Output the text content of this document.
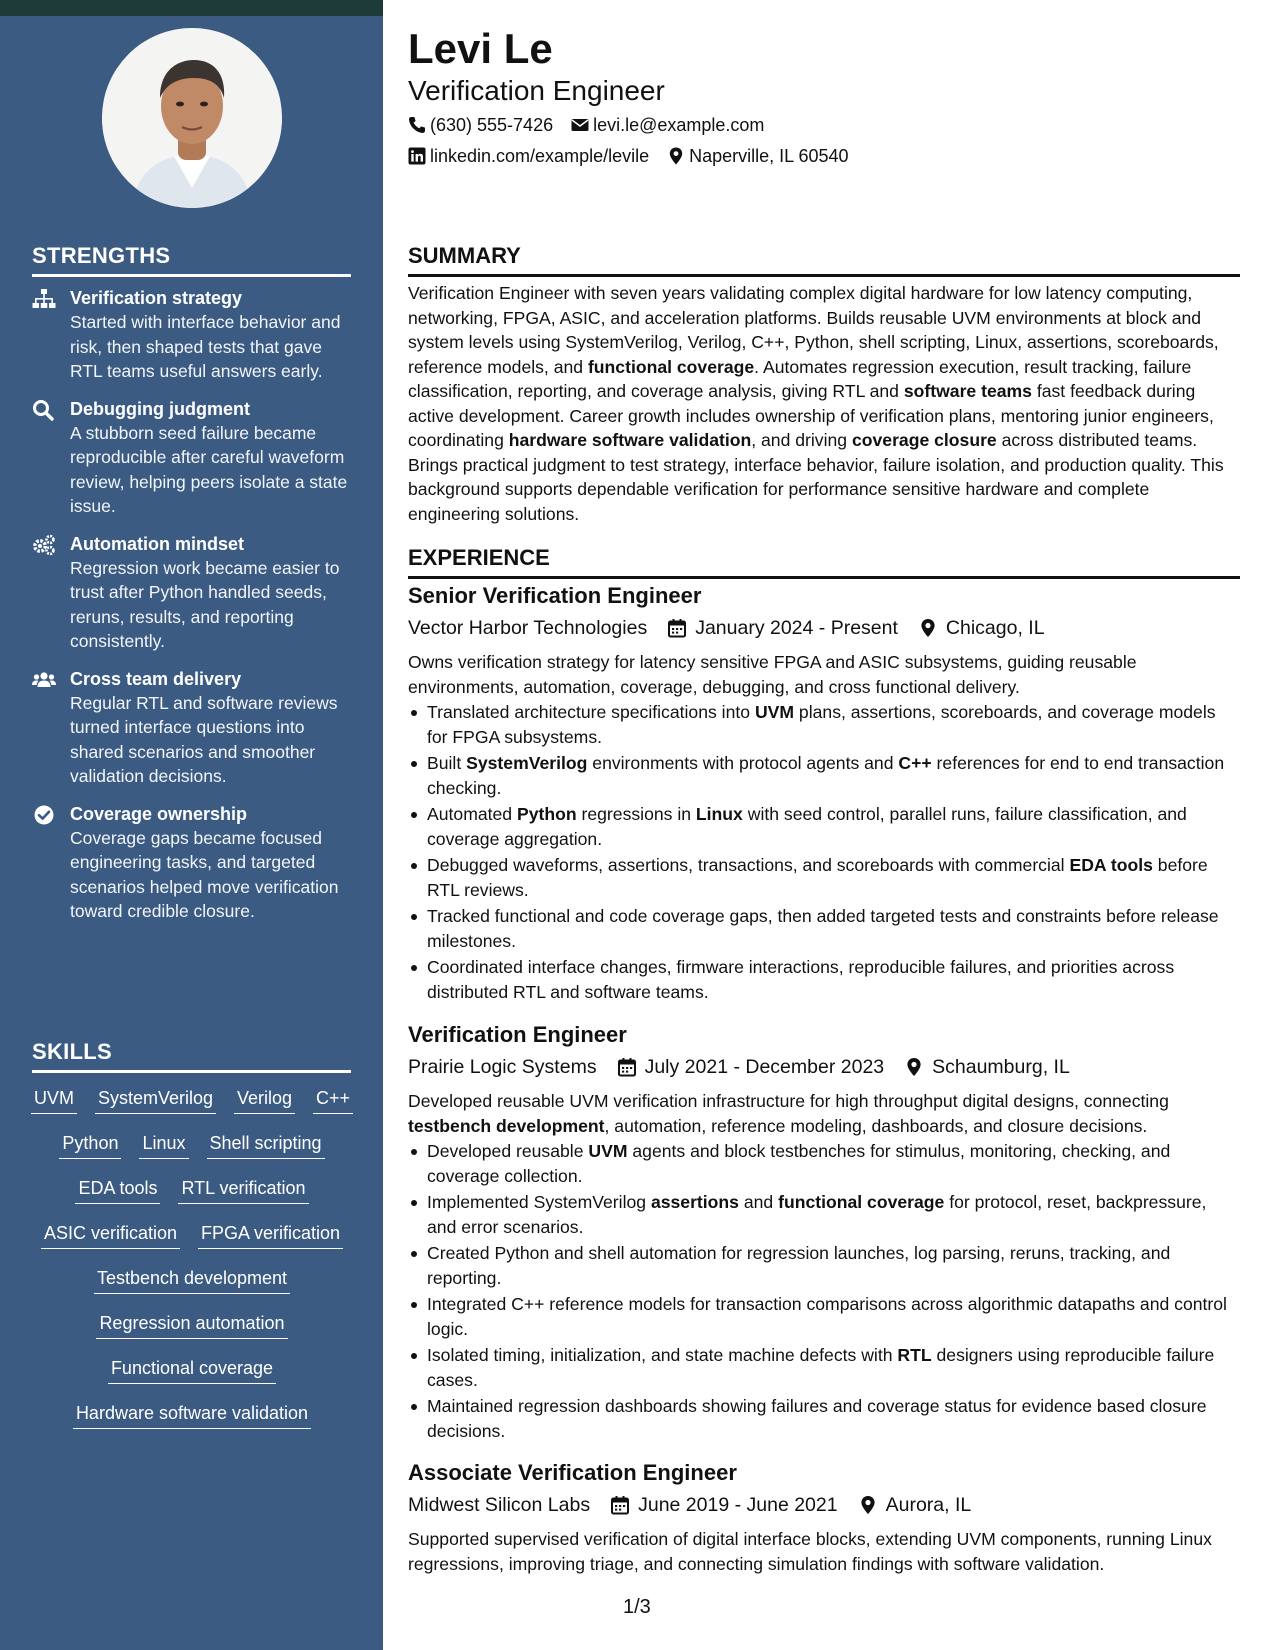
STRENGTHS
Verification strategy
Started with interface behavior and risk, then shaped tests that gave RTL teams useful answers early.
Debugging judgment
A stubborn seed failure became reproducible after careful waveform review, helping peers isolate a state issue.
Automation mindset
Regression work became easier to trust after Python handled seeds, reruns, results, and reporting consistently.
Cross team delivery
Regular RTL and software reviews turned interface questions into shared scenarios and smoother validation decisions.
Coverage ownership
Coverage gaps became focused engineering tasks, and targeted scenarios helped move verification toward credible closure.
SKILLS
UVM SystemVerilog Verilog C++
Python Linux Shell scripting
EDA tools RTL verification
ASIC verification FPGA verification
Testbench development
Regression automation
Functional coverage
Hardware software validation
Levi Le
Verification Engineer
(630) 555-7426 levi.le@example.com
linkedin.com/example/levile Naperville, IL 60540
SUMMARY
Verification Engineer with seven years validating complex digital hardware for low latency computing, networking, FPGA, ASIC, and acceleration platforms. Builds reusable UVM environments at block and system levels using SystemVerilog, Verilog, C++, Python, shell scripting, Linux, assertions, scoreboards, reference models, and functional coverage. Automates regression execution, result tracking, failure classification, reporting, and coverage analysis, giving RTL and software teams fast feedback during active development. Career growth includes ownership of verification plans, mentoring junior engineers, coordinating hardware software validation, and driving coverage closure across distributed teams. Brings practical judgment to test strategy, interface behavior, failure isolation, and production quality. This background supports dependable verification for performance sensitive hardware and complete engineering solutions.
EXPERIENCE
Senior Verification Engineer
Vector Harbor Technologies January 2024 - Present Chicago, IL
Owns verification strategy for latency sensitive FPGA and ASIC subsystems, guiding reusable environments, automation, coverage, debugging, and cross functional delivery.
Translated architecture specifications into UVM plans, assertions, scoreboards, and coverage models for FPGA subsystems.
Built SystemVerilog environments with protocol agents and C++ references for end to end transaction checking.
Automated Python regressions in Linux with seed control, parallel runs, failure classification, and coverage aggregation.
Debugged waveforms, assertions, transactions, and scoreboards with commercial EDA tools before RTL reviews.
Tracked functional and code coverage gaps, then added targeted tests and constraints before release milestones.
Coordinated interface changes, firmware interactions, reproducible failures, and priorities across distributed RTL and software teams.
Verification Engineer
Prairie Logic Systems July 2021 - December 2023 Schaumburg, IL
Developed reusable UVM verification infrastructure for high throughput digital designs, connecting testbench development, automation, reference modeling, dashboards, and closure decisions.
Developed reusable UVM agents and block testbenches for stimulus, monitoring, checking, and coverage collection.
Implemented SystemVerilog assertions and functional coverage for protocol, reset, backpressure, and error scenarios.
Created Python and shell automation for regression launches, log parsing, reruns, tracking, and reporting.
Integrated C++ reference models for transaction comparisons across algorithmic datapaths and control logic.
Isolated timing, initialization, and state machine defects with RTL designers using reproducible failure cases.
Maintained regression dashboards showing failures and coverage status for evidence based closure decisions.
Associate Verification Engineer
Midwest Silicon Labs June 2019 - June 2021 Aurora, IL
Supported supervised verification of digital interface blocks, extending UVM components, running Linux regressions, improving triage, and connecting simulation findings with software validation.
1/3
